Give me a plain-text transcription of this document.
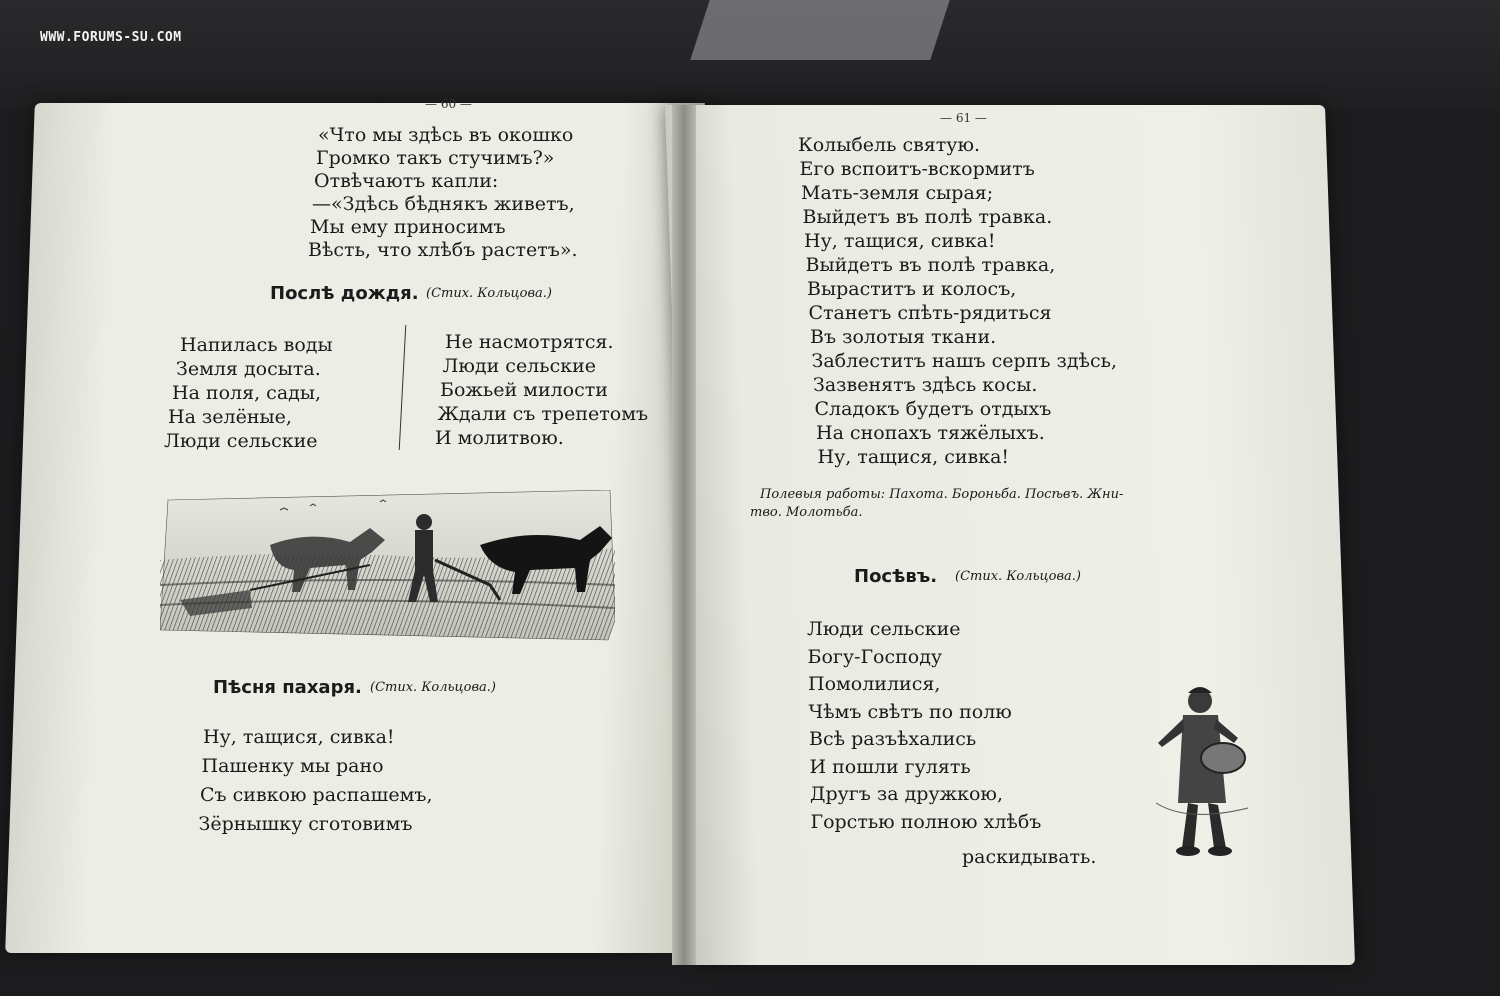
WWW.FORUMS-SU.COM
— 60 —
«Что мы здѣсь въ окошко
Громко такъ стучимъ?»
Отвѣчаютъ капли:
—«Здѣсь бѣднякъ живетъ,
Мы ему приносимъ
Вѣсть, что хлѣбъ растетъ».
Послѣ дождя. (Стих. Кольцова.)
Напилась воды
Земля досыта.
На поля, сады,
На зелёные,
Люди сельские
Не насмотрятся.
Люди сельские
Божьей милости
Ждали съ трепетомъ
И молитвою.
Пѣсня пахаря. (Стих. Кольцова.)
Ну, тащися, сивка!
Пашенку мы рано
Съ сивкою распашемъ,
Зёрнышку сготовимъ
— 61 —
Колыбель святую.
Его вспоитъ-вскормитъ
Мать-земля сырая;
Выйдетъ въ полѣ травка.
Ну, тащися, сивка!
Выйдетъ въ полѣ травка,
Выраститъ и колосъ,
Станетъ спѣть-рядиться
Въ золотыя ткани.
Заблеститъ нашъ серпъ здѣсь,
Зазвенятъ здѣсь косы.
Сладокъ будетъ отдыхъ
На снопахъ тяжёлыхъ.
Ну, тащися, сивка!
Полевыя работы: Пахота. Бороньба. Посѣвъ. Жни-
тво. Молотьба.
Посѣвъ. (Стих. Кольцова.)
Люди сельские
Богу-Господу
Помолилися,
Чѣмъ свѣтъ по полю
Всѣ разъѣхались
И пошли гулять
Другъ за дружкою,
Горстью полною хлѣбъ
раскидывать.
